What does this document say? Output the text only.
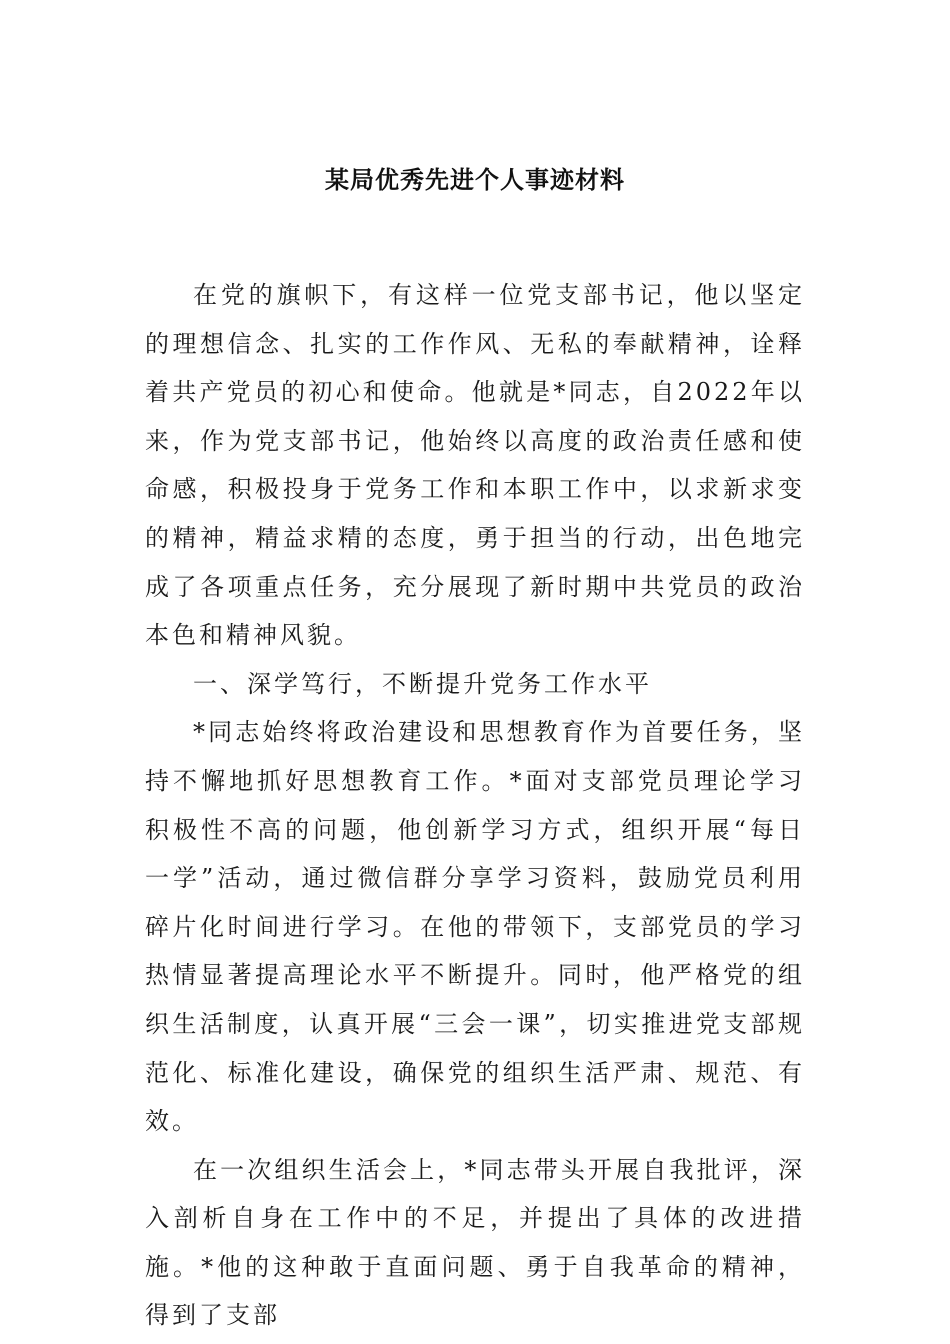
某局优秀先进个人事迹材料

在党的旗帜下，有这样一位党支部书记，他以坚定的理想信念、扎实的工作作风、无私的奉献精神，诠释着共产党员的初心和使命。他就是*同志，自2022年以来，作为党支部书记，他始终以高度的政治责任感和使命感，积极投身于党务工作和本职工作中，以求新求变的精神，精益求精的态度，勇于担当的行动，出色地完成了各项重点任务，充分展现了新时期中共党员的政治本色和精神风貌。

一、深学笃行，不断提升党务工作水平

*同志始终将政治建设和思想教育作为首要任务，坚持不懈地抓好思想教育工作。*面对支部党员理论学习积极性不高的问题，他创新学习方式，组织开展“每日一学”活动，通过微信群分享学习资料，鼓励党员利用碎片化时间进行学习。在他的带领下，支部党员的学习热情显著提高理论水平不断提升。同时，他严格党的组织生活制度，认真开展“三会一课”，切实推进党支部规范化、标准化建设，确保党的组织生活严肃、规范、有效。

在一次组织生活会上，*同志带头开展自我批评，深入剖析自身在工作中的不足，并提出了具体的改进措施。*他的这种敢于直面问题、勇于自我革命的精神，得到了支部
